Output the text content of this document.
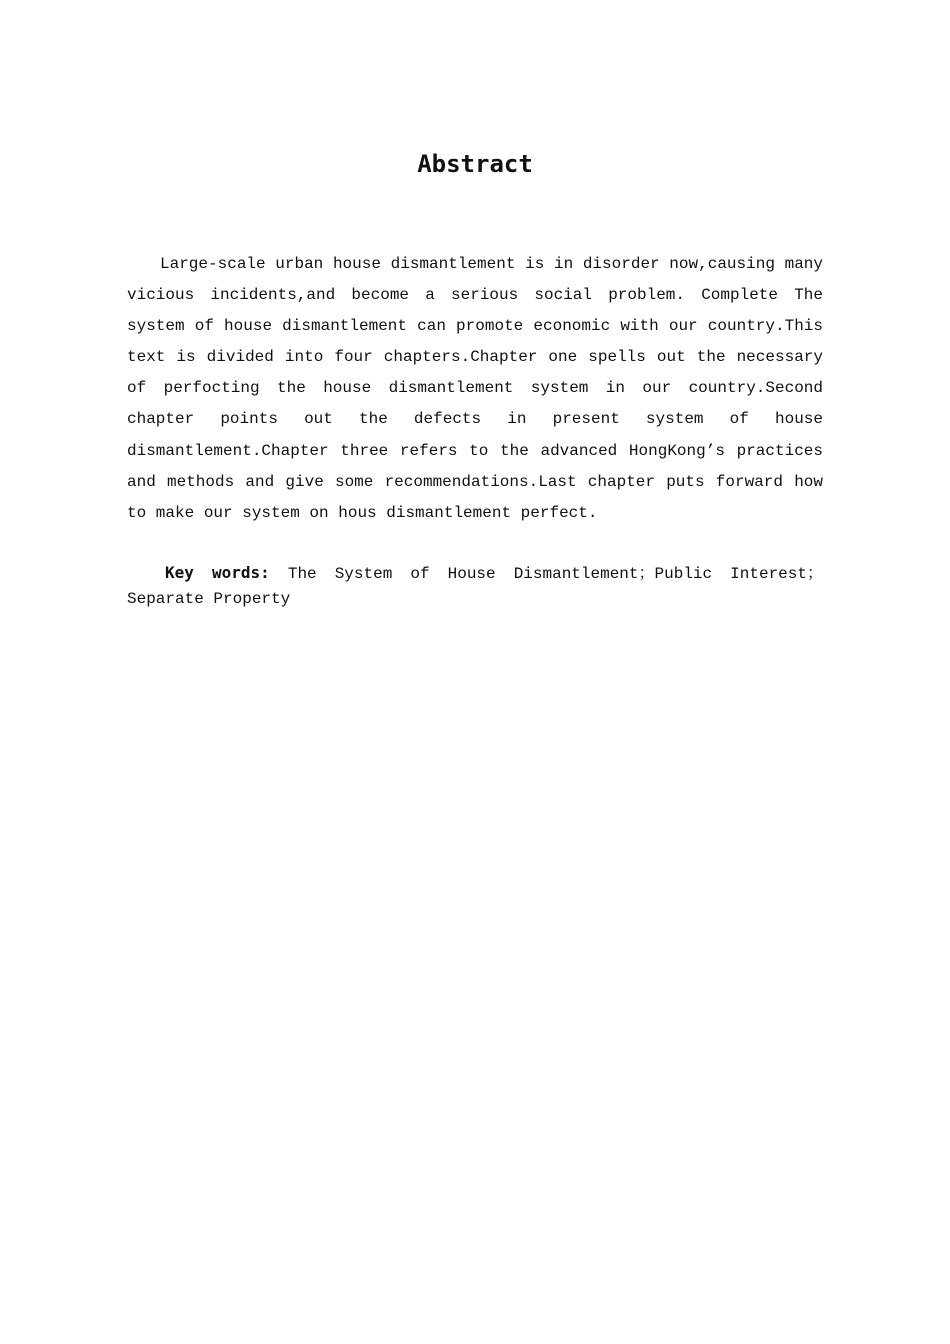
Abstract

Large-scale urban house dismantlement is in disorder now,causing many vicious incidents,and become a serious social problem. Complete The system of house dismantlement can promote economic with our country.This text is divided into four chapters.Chapter one spells out the necessary of perfocting the house dismantlement system in our country.Second chapter points out the defects in present system of house dismantlement.Chapter three refers to the advanced HongKong’s practices and methods and give some recommendations.Last chapter puts forward how to make our system on hous dismantlement perfect.

Key words: The System of House Dismantlement；Public Interest；Separate Property
